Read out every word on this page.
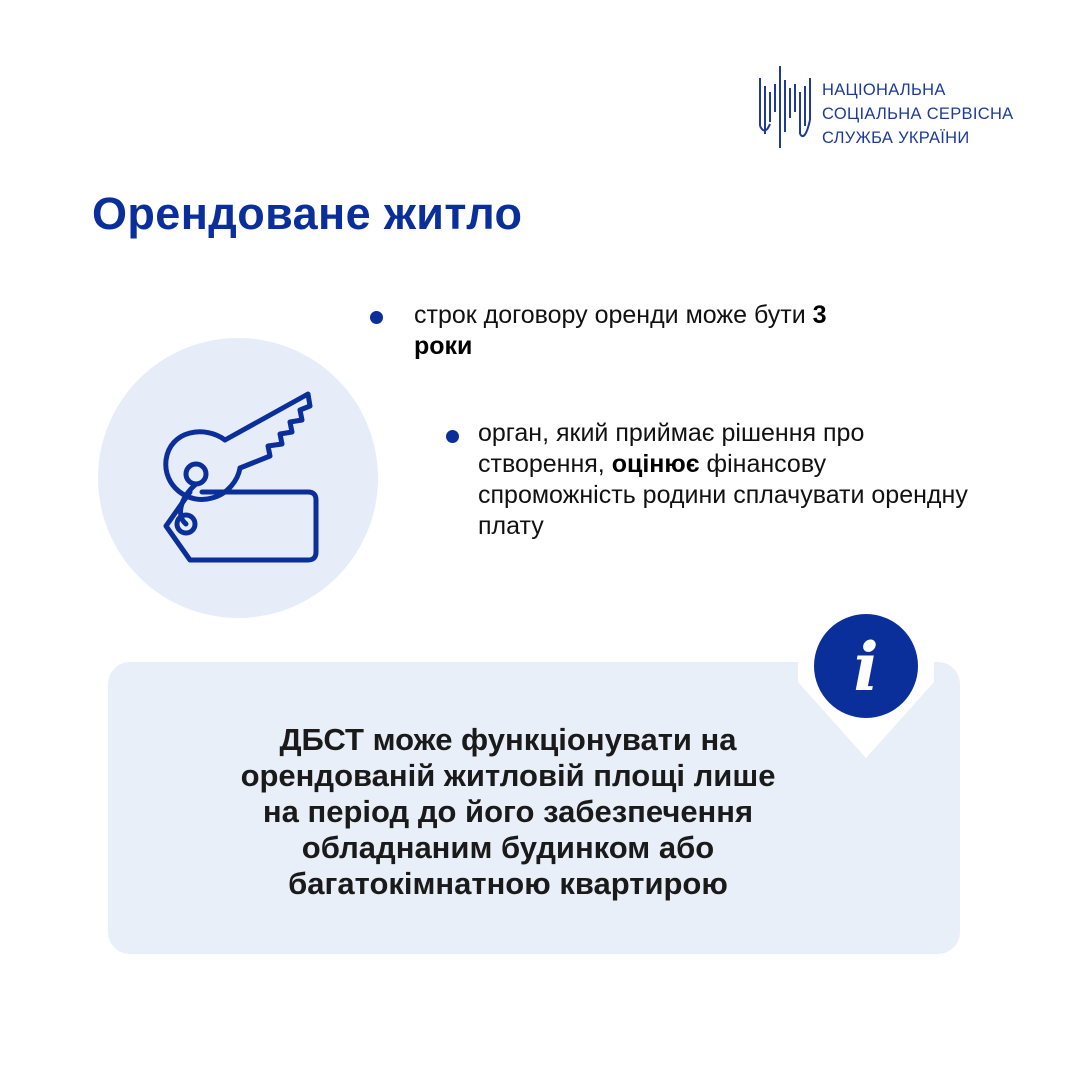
НАЦІОНАЛЬНА
СОЦІАЛЬНА СЕРВІСНА
СЛУЖБА УКРАЇНИ
Орендоване житло
строк договору оренди може бути 3 роки
орган, який приймає рішення про створення, оцінює фінансову спроможність родини сплачувати орендну плату
i
ДБСТ може функціонувати на
орендованій житловій площі лише
на період до його забезпечення
обладнаним будинком або
багатокімнатною квартирою
